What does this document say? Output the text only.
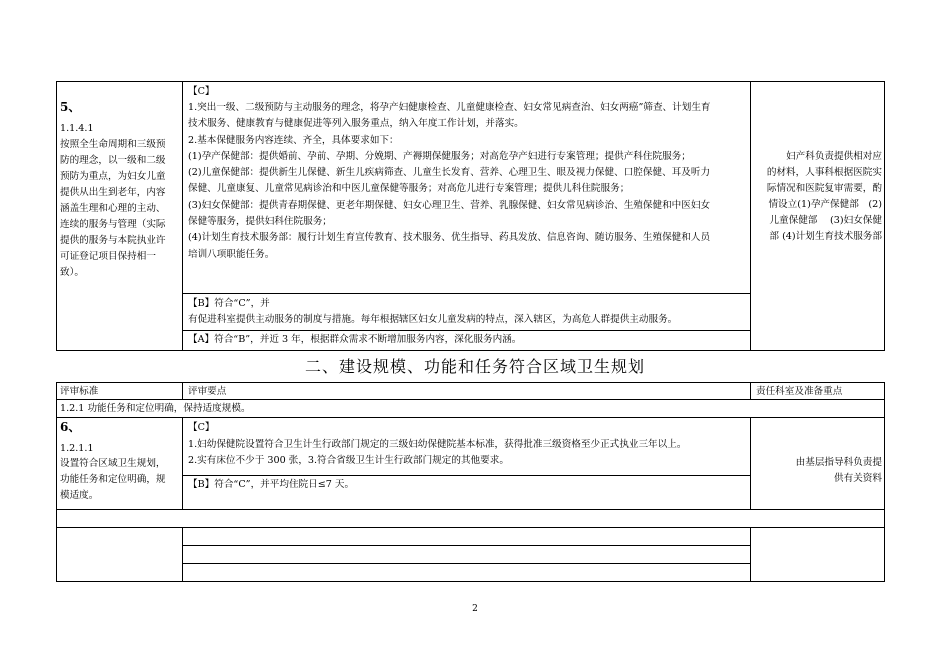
5、
1.1.4.1
按照全生命周期和三级预
防的理念，以一级和二级
预防为重点，为妇女儿童
提供从出生到老年，内容
涵盖生理和心理的主动、
连续的服务与管理（实际
提供的服务与本院执业许
可证登记项目保持相一
致）。
【C】
1.突出一级、二级预防与主动服务的理念，将孕产妇健康检查、儿童健康检查、妇女常见病查治、妇女两癌”筛查、计划生育
技术服务、健康教育与健康促进等列入服务重点，纳入年度工作计划，并落实。
2.基本保健服务内容连续、齐全，具体要求如下：
(1)孕产保健部：提供婚前、孕前、孕期、分娩期、产褥期保健服务；对高危孕产妇进行专案管理；提供产科住院服务；
(2)儿童保健部：提供新生儿保健、新生儿疾病筛查、儿童生长发育、营养、心理卫生、眼及视力保健、口腔保健、耳及听力
保健、儿童康复、儿童常见病诊治和中医儿童保健等服务；对高危儿进行专案管理；提供儿科住院服务；
(3)妇女保健部：提供青春期保健、更老年期保健、妇女心理卫生、营养、乳腺保健、妇女常见病诊治、生殖保健和中医妇女
保健等服务，提供妇科住院服务；
(4)计划生育技术服务部：履行计划生育宣传教育、技术服务、优生指导、药具发放、信息咨询、随访服务、生殖保健和人员
培训八项职能任务。
【B】符合“C”，并
有促进科室提供主动服务的制度与措施。每年根据辖区妇女儿童发病的特点，深入辖区，为高危人群提供主动服务。
【A】符合“B”，并近 3 年，根据群众需求不断增加服务内容，深化服务内涵。
妇产科负责提供相对应
的材料，人事科根据医院实
际情况和医院复审需要，酌
情设立(1)孕产保健部　(2)
儿童保健部　 (3)妇女保健
部 (4)计划生育技术服务部
二、建设规模、功能和任务符合区域卫生规划
评审标准	评审要点	责任科室及准备重点
1.2.1 功能任务和定位明确，保持适度规模。
6、
1.2.1.1
设置符合区域卫生规划，
功能任务和定位明确，规
模适度。
【C】
1.妇幼保健院设置符合卫生计生行政部门规定的三级妇幼保健院基本标准，获得批准三级资格至少正式执业三年以上。
2.实有床位不少于 300 张，3.符合省级卫生计生行政部门规定的其他要求。
【B】符合“C”，并平均住院日≤7 天。
由基层指导科负责提
供有关资料
2
